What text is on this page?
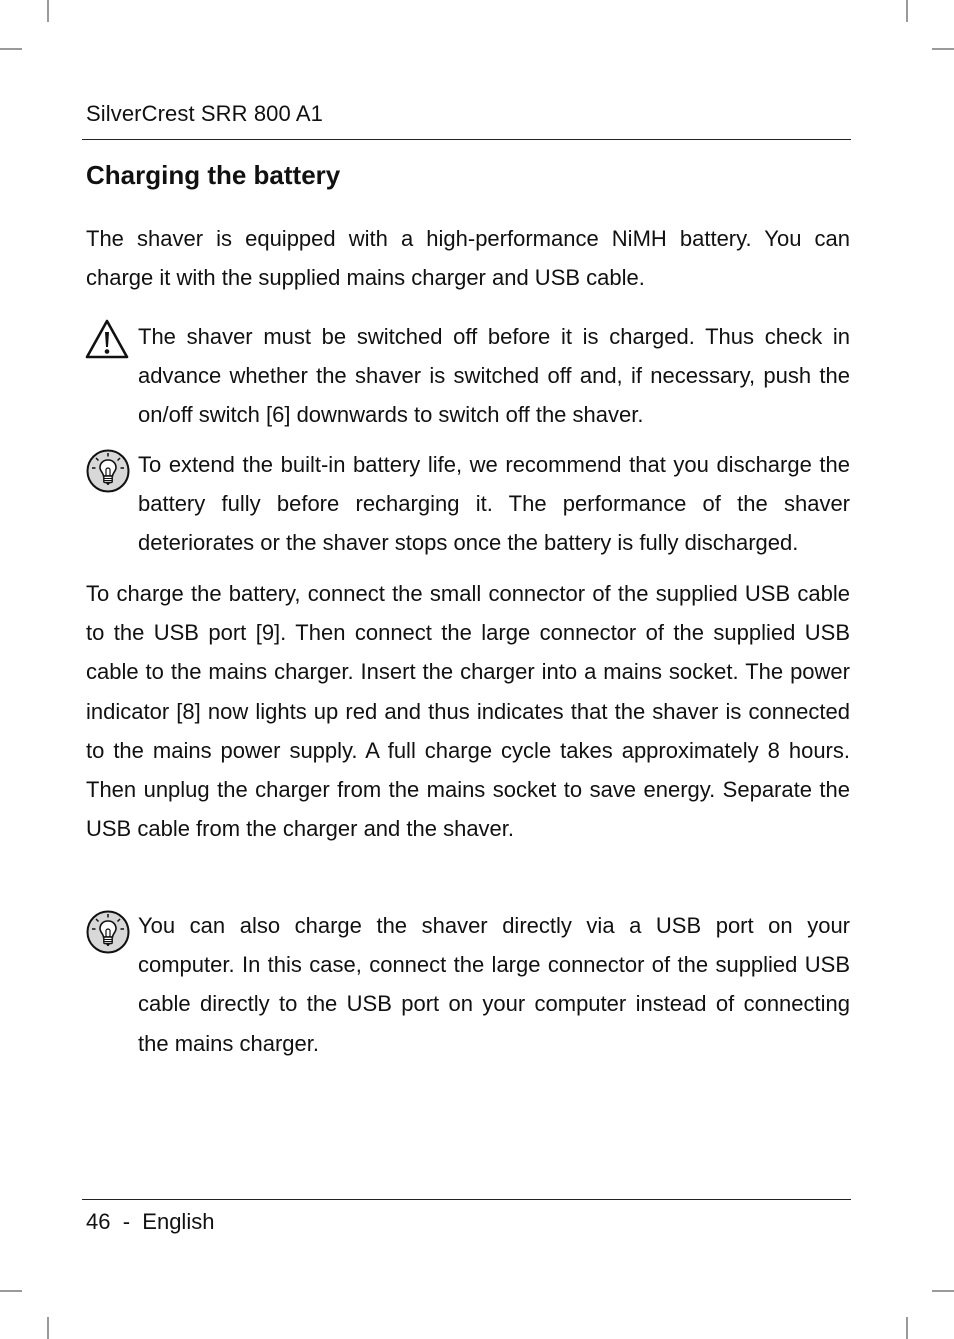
SilverCrest SRR 800 A1
Charging the battery

The shaver is equipped with a high-performance NiMH battery. You can charge it with the supplied mains charger and USB cable.

The shaver must be switched off before it is charged. Thus check in advance whether the shaver is switched off and, if necessary, push the on/off switch [6] downwards to switch off the shaver.

To extend the built-in battery life, we recommend that you discharge the battery fully before recharging it. The performance of the shaver deteriorates or the shaver stops once the battery is fully discharged.

To charge the battery, connect the small connector of the supplied USB cable to the USB port [9]. Then connect the large connector of the supplied USB cable to the mains charger. Insert the charger into a mains socket. The power indicator [8] now lights up red and thus indicates that the shaver is connected to the mains power supply. A full charge cycle takes approximately 8 hours. Then unplug the charger from the mains socket to save energy. Separate the USB cable from the charger and the shaver.

You can also charge the shaver directly via a USB port on your computer. In this case, connect the large connector of the supplied USB cable directly to the USB port on your computer instead of connecting the mains charger.

46 - English
